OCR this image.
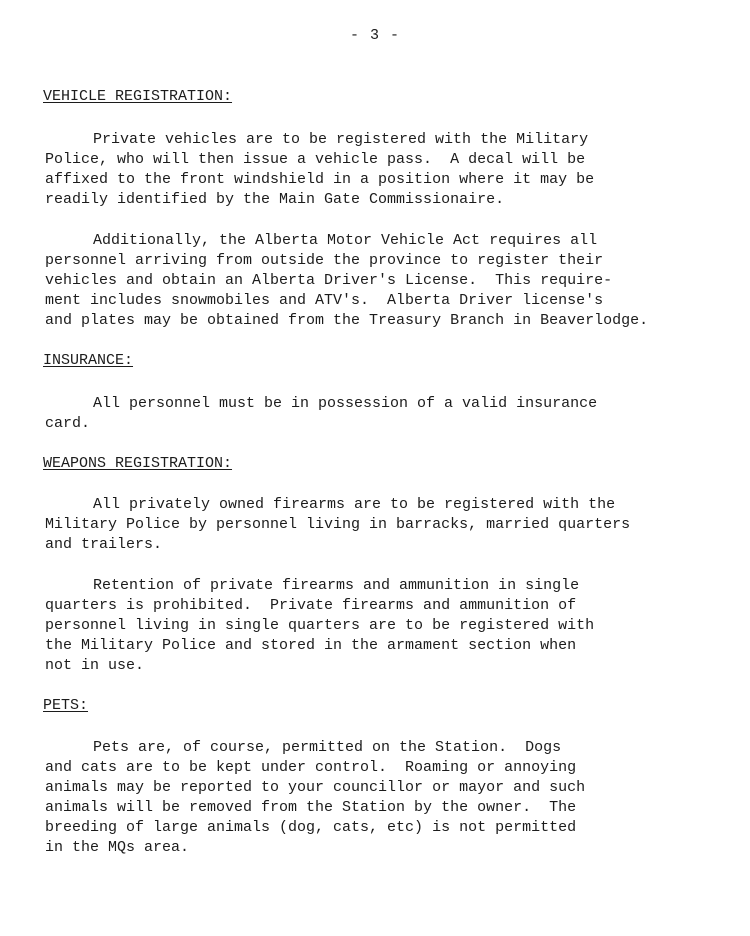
- 3 -
VEHICLE REGISTRATION:
Private vehicles are to be registered with the Military
Police, who will then issue a vehicle pass.  A decal will be
affixed to the front windshield in a position where it may be
readily identified by the Main Gate Commissionaire.
Additionally, the Alberta Motor Vehicle Act requires all
personnel arriving from outside the province to register their
vehicles and obtain an Alberta Driver's License.  This require-
ment includes snowmobiles and ATV's.  Alberta Driver license's
and plates may be obtained from the Treasury Branch in Beaverlodge.
INSURANCE:
All personnel must be in possession of a valid insurance
card.
WEAPONS REGISTRATION:
All privately owned firearms are to be registered with the
Military Police by personnel living in barracks, married quarters
and trailers.
Retention of private firearms and ammunition in single
quarters is prohibited.  Private firearms and ammunition of
personnel living in single quarters are to be registered with
the Military Police and stored in the armament section when
not in use.
PETS:
Pets are, of course, permitted on the Station.  Dogs
and cats are to be kept under control.  Roaming or annoying
animals may be reported to your councillor or mayor and such
animals will be removed from the Station by the owner.  The
breeding of large animals (dog, cats, etc) is not permitted
in the MQs area.
